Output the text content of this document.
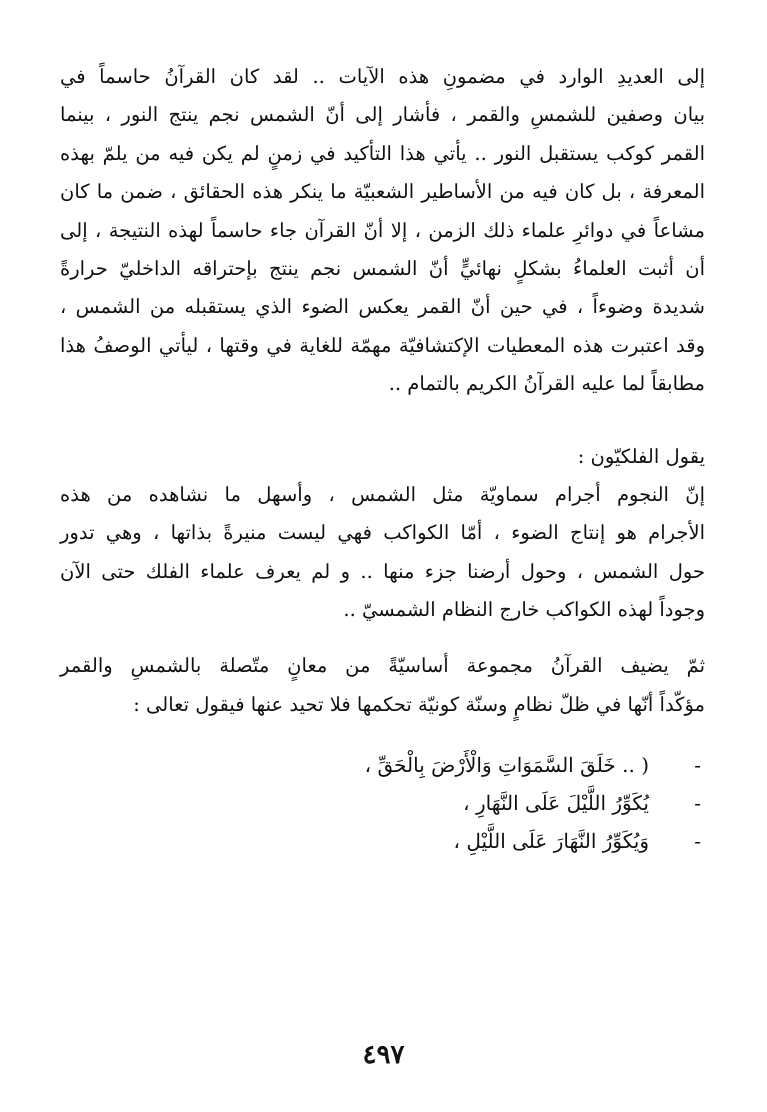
إلى العديدِ الوارد في مضمونِ هذه الآيات .. لقد كان القرآنُ حاسماً في
بيان وصفين للشمسِ والقمر ، فأشار إلى أنّ الشمس نجم ينتج النور ، بينما
القمر كوكب يستقبل النور .. يأتي هذا التأكيد في زمنٍ لم يكن فيه من يلمّ بهذه
المعرفة ، بل كان فيه من الأساطير الشعبيّة ما ينكر هذه الحقائق ، ضمن ما كان
مشاعاً في دوائرِ علماء ذلك الزمن ، إلا أنّ القرآن جاء حاسماً لهذه النتيجة ، إلى
أن أثبت العلماءُ بشكلٍ نهائيٍّ أنّ الشمس نجم ينتج بإحتراقه الداخليّ حرارةً
شديدة وضوءاً ، في حين أنّ القمر يعكس الضوء الذي يستقبله من الشمس ،
وقد اعتبرت هذه المعطيات الإكتشافيّة مهمّة للغاية في وقتها ، ليأتي الوصفُ هذا
مطابقاً لما عليه القرآنُ الكريم بالتمام ..
يقول الفلكيّون :
إنّ النجوم أجرام سماويّة مثل الشمس ، وأسهل ما نشاهده من هذه
الأجرام هو إنتاج الضوء ، أمّا الكواكب فهي ليست منيرةً بذاتها ، وهي تدور
حول الشمس ، وحول أرضنا جزء منها .. و لم يعرف علماء الفلك حتى الآن
وجوداً لهذه الكواكب خارج النظام الشمسيّ ..
ثمّ يضيف القرآنُ مجموعة أساسيّةً من معانٍ متّصلة بالشمسِ والقمر
مؤكّداً أنّها في ظلّ نظامٍ وسنّة كونيّة تحكمها فلا تحيد عنها فيقول تعالى :
-( .. خَلَقَ السَّمَوَاتِ وَالْأَرْضَ بِالْحَقِّ ،
-يُكَوِّرُ اللَّيْلَ عَلَى النَّهَارِ ،
-وَيُكَوِّرُ النَّهَارَ عَلَى اللَّيْلِ ،
٤٩٧
